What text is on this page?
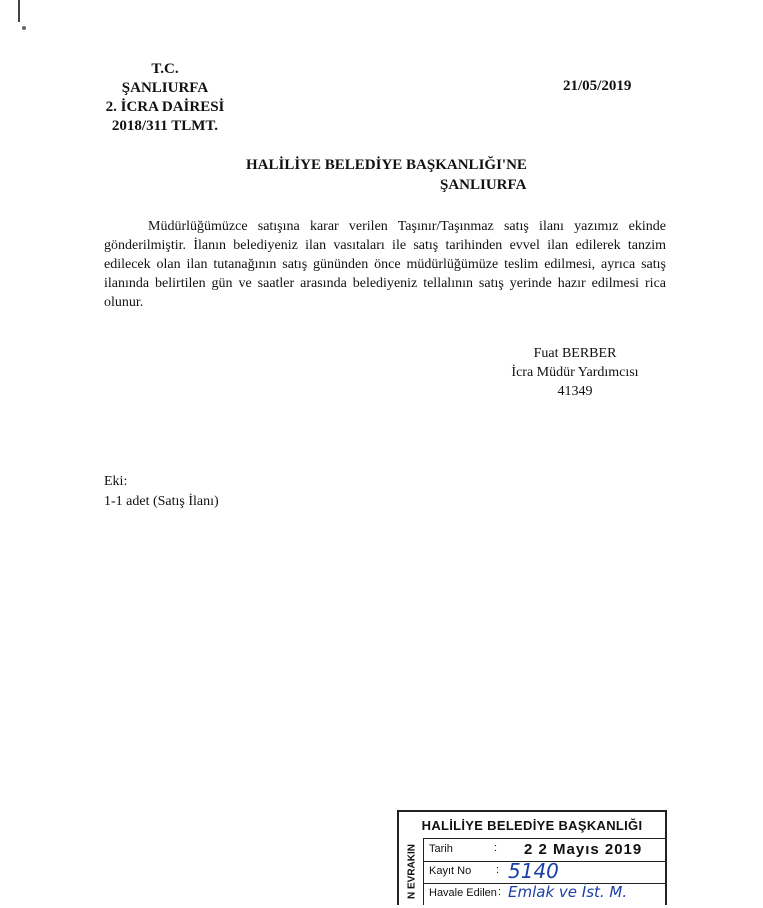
T.C.
ŞANLIURFA
2. İCRA DAİRESİ
2018/311 TLMT.
21/05/2019
HALİLİYE BELEDİYE BAŞKANLIĞI'NE
ŞANLIURFA
Müdürlüğümüzce satışına karar verilen Taşınır/Taşınmaz satış ilanı yazımız ekinde gönderilmiştir. İlanın belediyeniz ilan vasıtaları ile satış tarihinden evvel ilan edilerek tanzim edilecek olan ilan tutanağının satış gününden önce müdürlüğümüze teslim edilmesi, ayrıca satış ilanında belirtilen gün ve saatler arasında belediyeniz tellalının satış yerinde hazır edilmesi rica olunur.
Fuat BERBER
İcra Müdür Yardımcısı
41349
Eki:
1-1 adet (Satış İlanı)
HALİLİYE BELEDİYE BAŞKANLIĞI
N EVRAKIN Tarih	: 2 2 Mayıs 2019
Kayıt No : 5140
Havale Edilen : Emlak ve İst. M.
